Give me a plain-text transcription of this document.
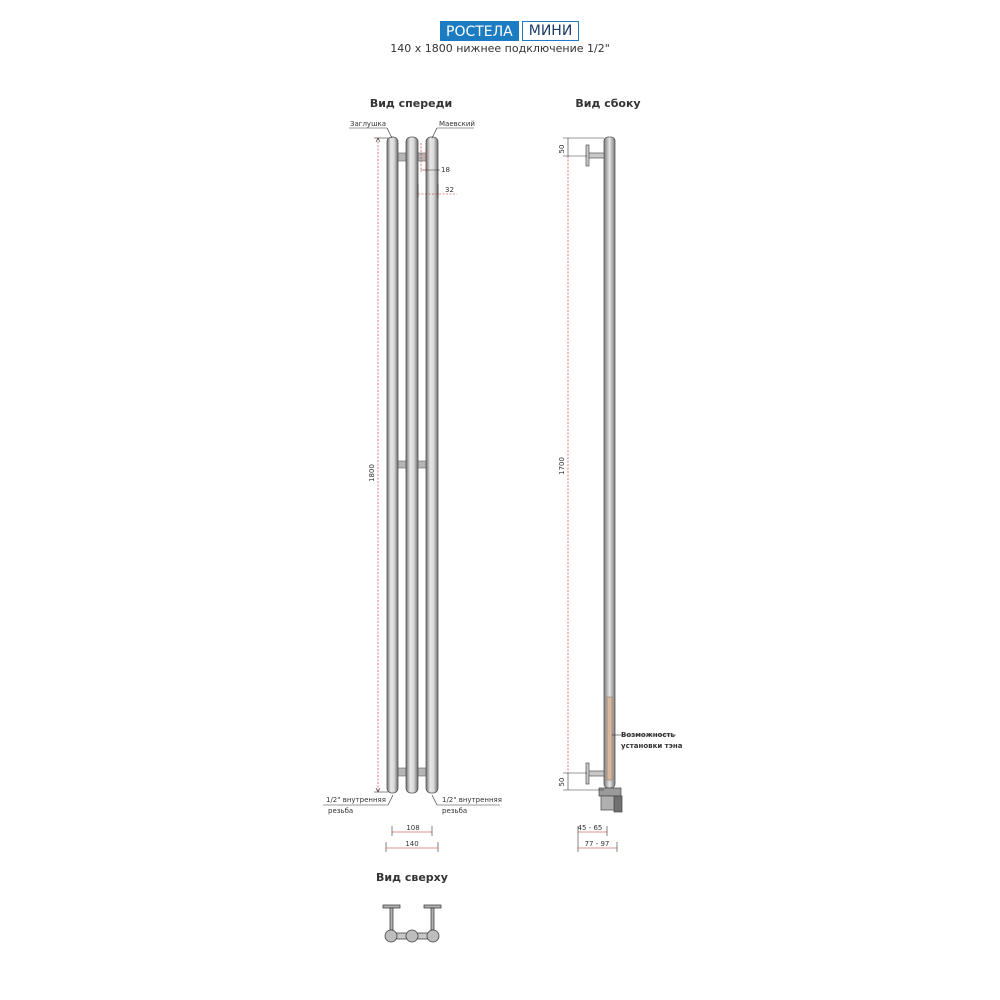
РОСТЕЛА	МИНИ
140 x 1800 нижнее подключение 1/2"
Вид спереди
Заглушка	Маевский
1800
18
32
1/2" внутренняя
резьба
1/2" внутренняя
резьба
108
140
Вид сбоку
50
1700
50
Возможность
установки тэна
45 - 65
77 - 97
Вид сверху
